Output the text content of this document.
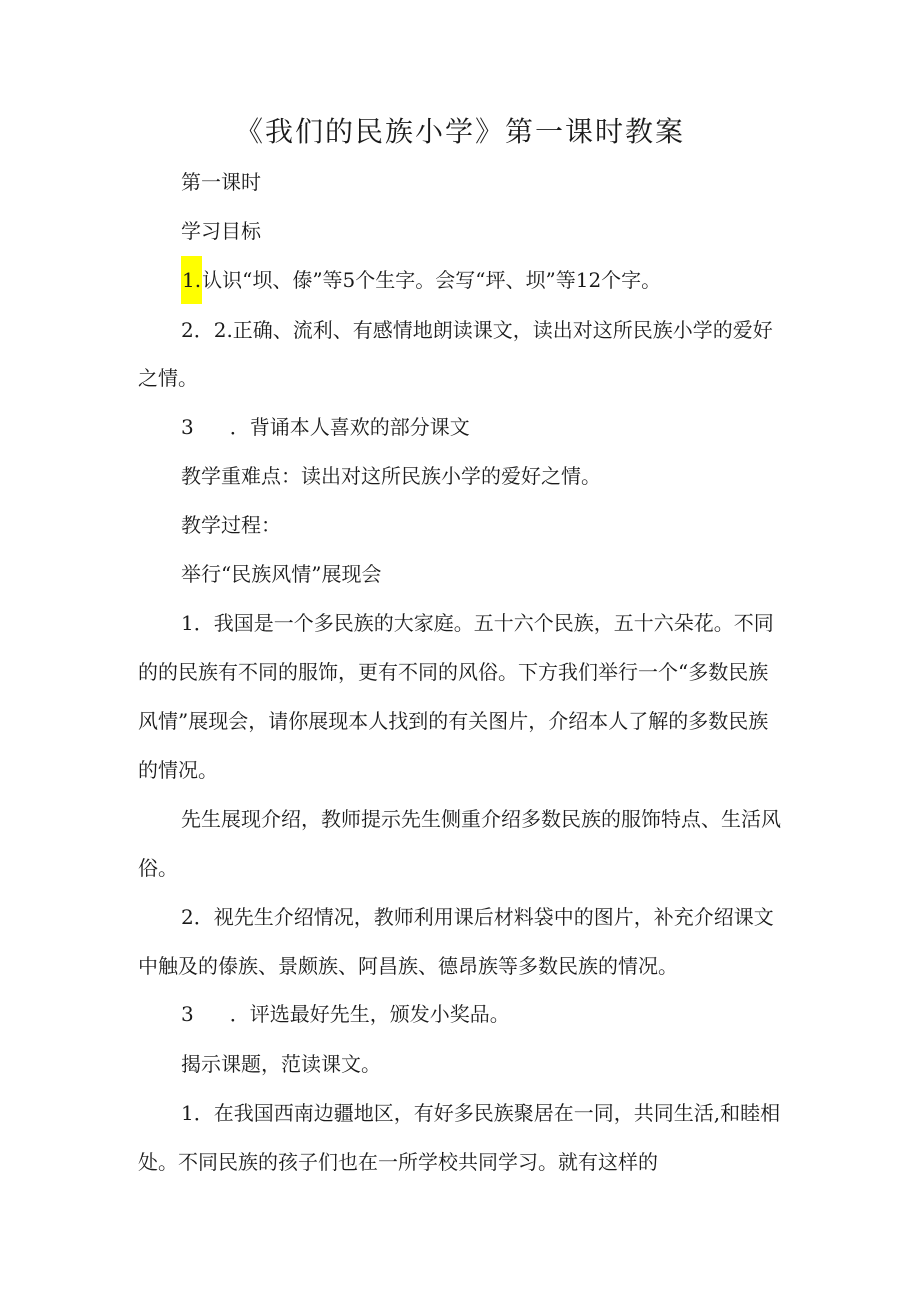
《我们的民族小学》第一课时教案

第一课时

学习目标

1.认识“坝、傣”等5个生字。会写“坪、坝”等12个字。

2．2.正确、流利、有感情地朗读课文，读出对这所民族小学的爱好

之情。

3 ．背诵本人喜欢的部分课文

教学重难点：读出对这所民族小学的爱好之情。

教学过程：

举行“民族风情”展现会

1．我国是一个多民族的大家庭。五十六个民族，五十六朵花。不同

的的民族有不同的服饰，更有不同的风俗。下方我们举行一个“多数民族

风情”展现会，请你展现本人找到的有关图片，介绍本人了解的多数民族

的情况。

先生展现介绍，教师提示先生侧重介绍多数民族的服饰特点、生活风

俗。

2．视先生介绍情况，教师利用课后材料袋中的图片，补充介绍课文

中触及的傣族、景颇族、阿昌族、德昂族等多数民族的情况。

3 ．评选最好先生，颁发小奖品。

揭示课题，范读课文。

1．在我国西南边疆地区，有好多民族聚居在一同，共同生活,和睦相

处。不同民族的孩子们也在一所学校共同学习。就有这样的
